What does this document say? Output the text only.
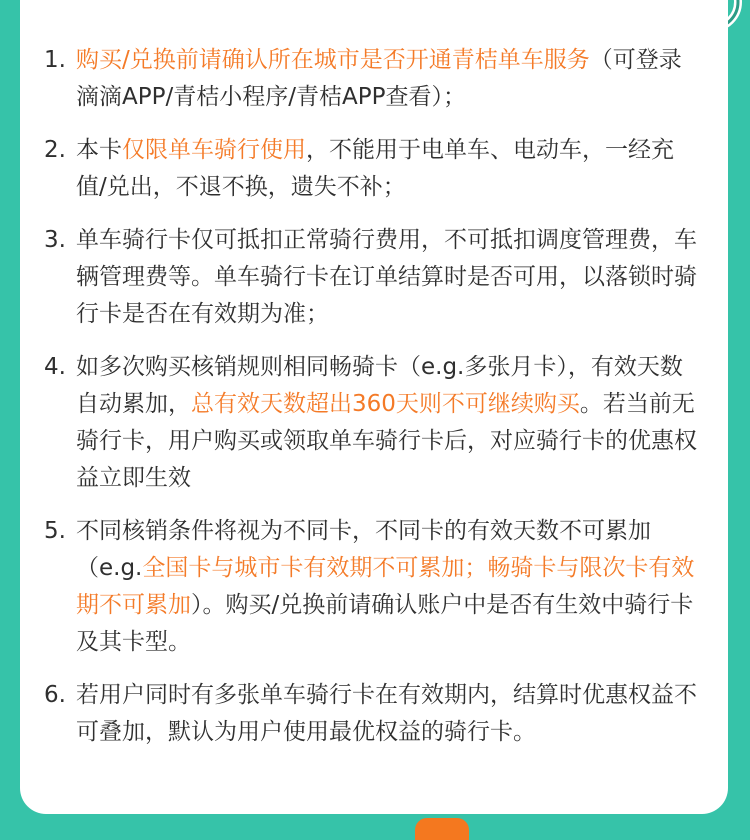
1. 购买/兑换前请确认所在城市是否开通青桔单车服务（可登录滴滴APP/青桔小程序/青桔APP查看）；
2. 本卡仅限单车骑行使用，不能用于电单车、电动车，一经充值/兑出，不退不换，遗失不补；
3. 单车骑行卡仅可抵扣正常骑行费用，不可抵扣调度管理费，车辆管理费等。单车骑行卡在订单结算时是否可用，以落锁时骑行卡是否在有效期为准；
4. 如多次购买核销规则相同畅骑卡（e.g.多张月卡），有效天数自动累加，总有效天数超出360天则不可继续购买。若当前无骑行卡，用户购买或领取单车骑行卡后，对应骑行卡的优惠权益立即生效
5. 不同核销条件将视为不同卡，不同卡的有效天数不可累加（e.g.全国卡与城市卡有效期不可累加；畅骑卡与限次卡有效期不可累加）。购买/兑换前请确认账户中是否有生效中骑行卡及其卡型。
6. 若用户同时有多张单车骑行卡在有效期内，结算时优惠权益不可叠加，默认为用户使用最优权益的骑行卡。
